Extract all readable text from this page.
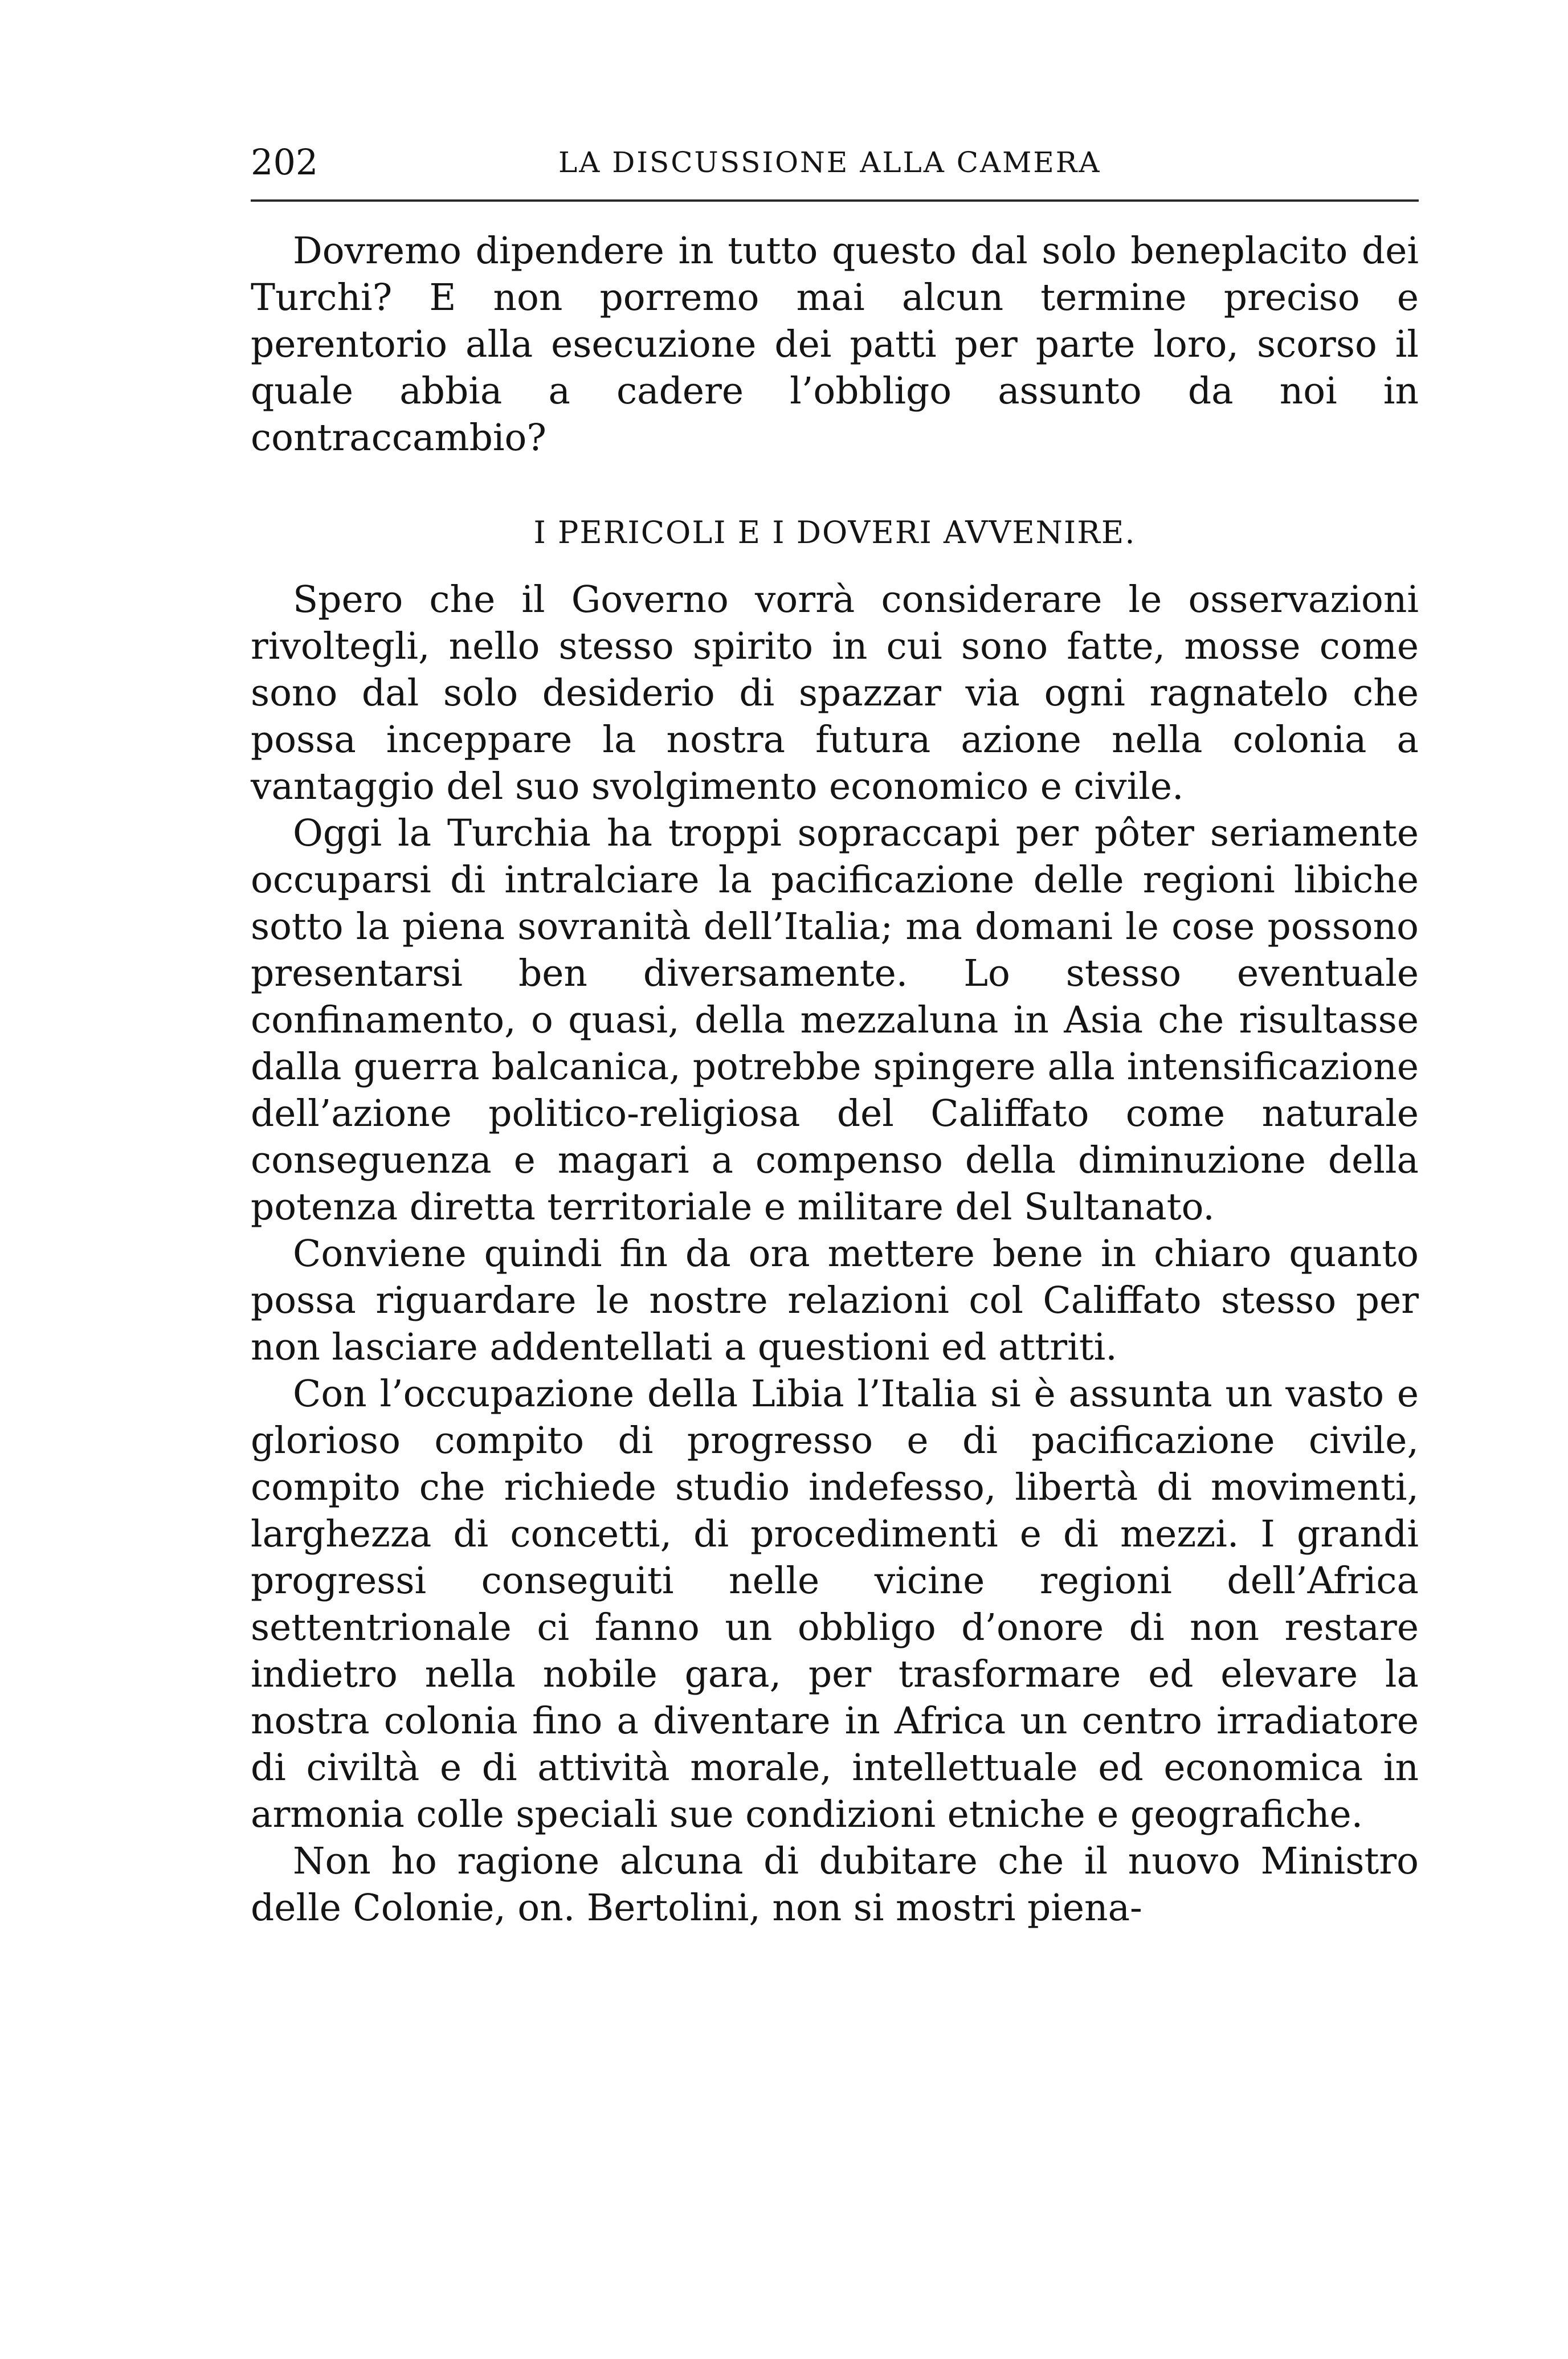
202	LA DISCUSSIONE ALLA CAMERA

Dovremo dipendere in tutto questo dal solo beneplacito dei Turchi? E non porremo mai alcun termine preciso e perentorio alla esecuzione dei patti per parte loro, scorso il quale abbia a cadere l’obbligo assunto da noi in contraccambio?

I PERICOLI E I DOVERI AVVENIRE.

Spero che il Governo vorrà considerare le osservazioni rivoltegli, nello stesso spirito in cui sono fatte, mosse come sono dal solo desiderio di spazzar via ogni ragnatelo che possa inceppare la nostra futura azione nella colonia a vantaggio del suo svolgimento economico e civile.

Oggi la Turchia ha troppi sopraccapi per pôter seriamente occuparsi di intralciare la pacificazione delle regioni libiche sotto la piena sovranità dell’Italia; ma domani le cose possono presentarsi ben diversamente. Lo stesso eventuale confinamento, o quasi, della mezzaluna in Asia che risultasse dalla guerra balcanica, potrebbe spingere alla intensificazione dell’azione politico-religiosa del Califfato come naturale conseguenza e magari a compenso della diminuzione della potenza diretta territoriale e militare del Sultanato.

Conviene quindi fin da ora mettere bene in chiaro quanto possa riguardare le nostre relazioni col Califfato stesso per non lasciare addentellati a questioni ed attriti.

Con l’occupazione della Libia l’Italia si è assunta un vasto e glorioso compito di progresso e di pacificazione civile, compito che richiede studio indefesso, libertà di movimenti, larghezza di concetti, di procedimenti e di mezzi. I grandi progressi conseguiti nelle vicine regioni dell’Africa settentrionale ci fanno un obbligo d’onore di non restare indietro nella nobile gara, per trasformare ed elevare la nostra colonia fino a diventare in Africa un centro irradiatore di civiltà e di attività morale, intellettuale ed economica in armonia colle speciali sue condizioni etniche e geografiche.

Non ho ragione alcuna di dubitare che il nuovo Ministro delle Colonie, on. Bertolini, non si mostri piena-
